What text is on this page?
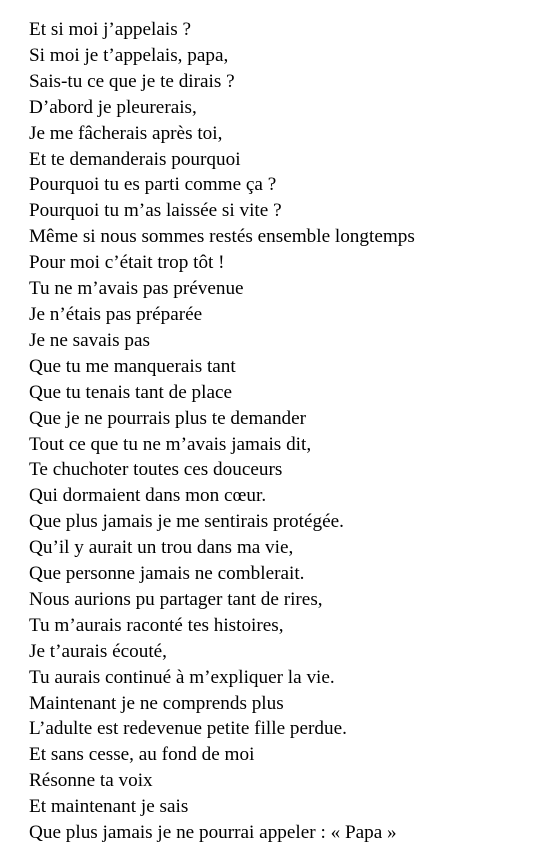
Et si moi j’appelais ?

Si moi je t’appelais, papa,

Sais-tu ce que je te dirais ?

D’abord je pleurerais,

Je me fâcherais après toi,

Et te demanderais pourquoi

Pourquoi tu es parti comme ça ?

Pourquoi tu m’as laissée si vite ?

Même si nous sommes restés ensemble longtemps

Pour moi c’était trop tôt !

Tu ne m’avais pas prévenue

Je n’étais pas préparée

Je ne savais pas

Que tu me manquerais tant

Que tu tenais tant de place

Que je ne pourrais plus te demander

Tout ce que tu ne m’avais jamais dit,

Te chuchoter toutes ces douceurs

Qui dormaient dans mon cœur.

Que plus jamais je me sentirais protégée.

Qu’il y aurait un trou dans ma vie,

Que personne jamais ne comblerait.

Nous aurions pu partager tant de rires,

Tu m’aurais raconté tes histoires,

Je t’aurais écouté,

Tu aurais continué à m’expliquer la vie.

Maintenant je ne comprends plus

L’adulte est redevenue petite fille perdue.

Et sans cesse, au fond de moi

Résonne ta voix

Et maintenant je sais

Que plus jamais je ne pourrai appeler : « Papa »
